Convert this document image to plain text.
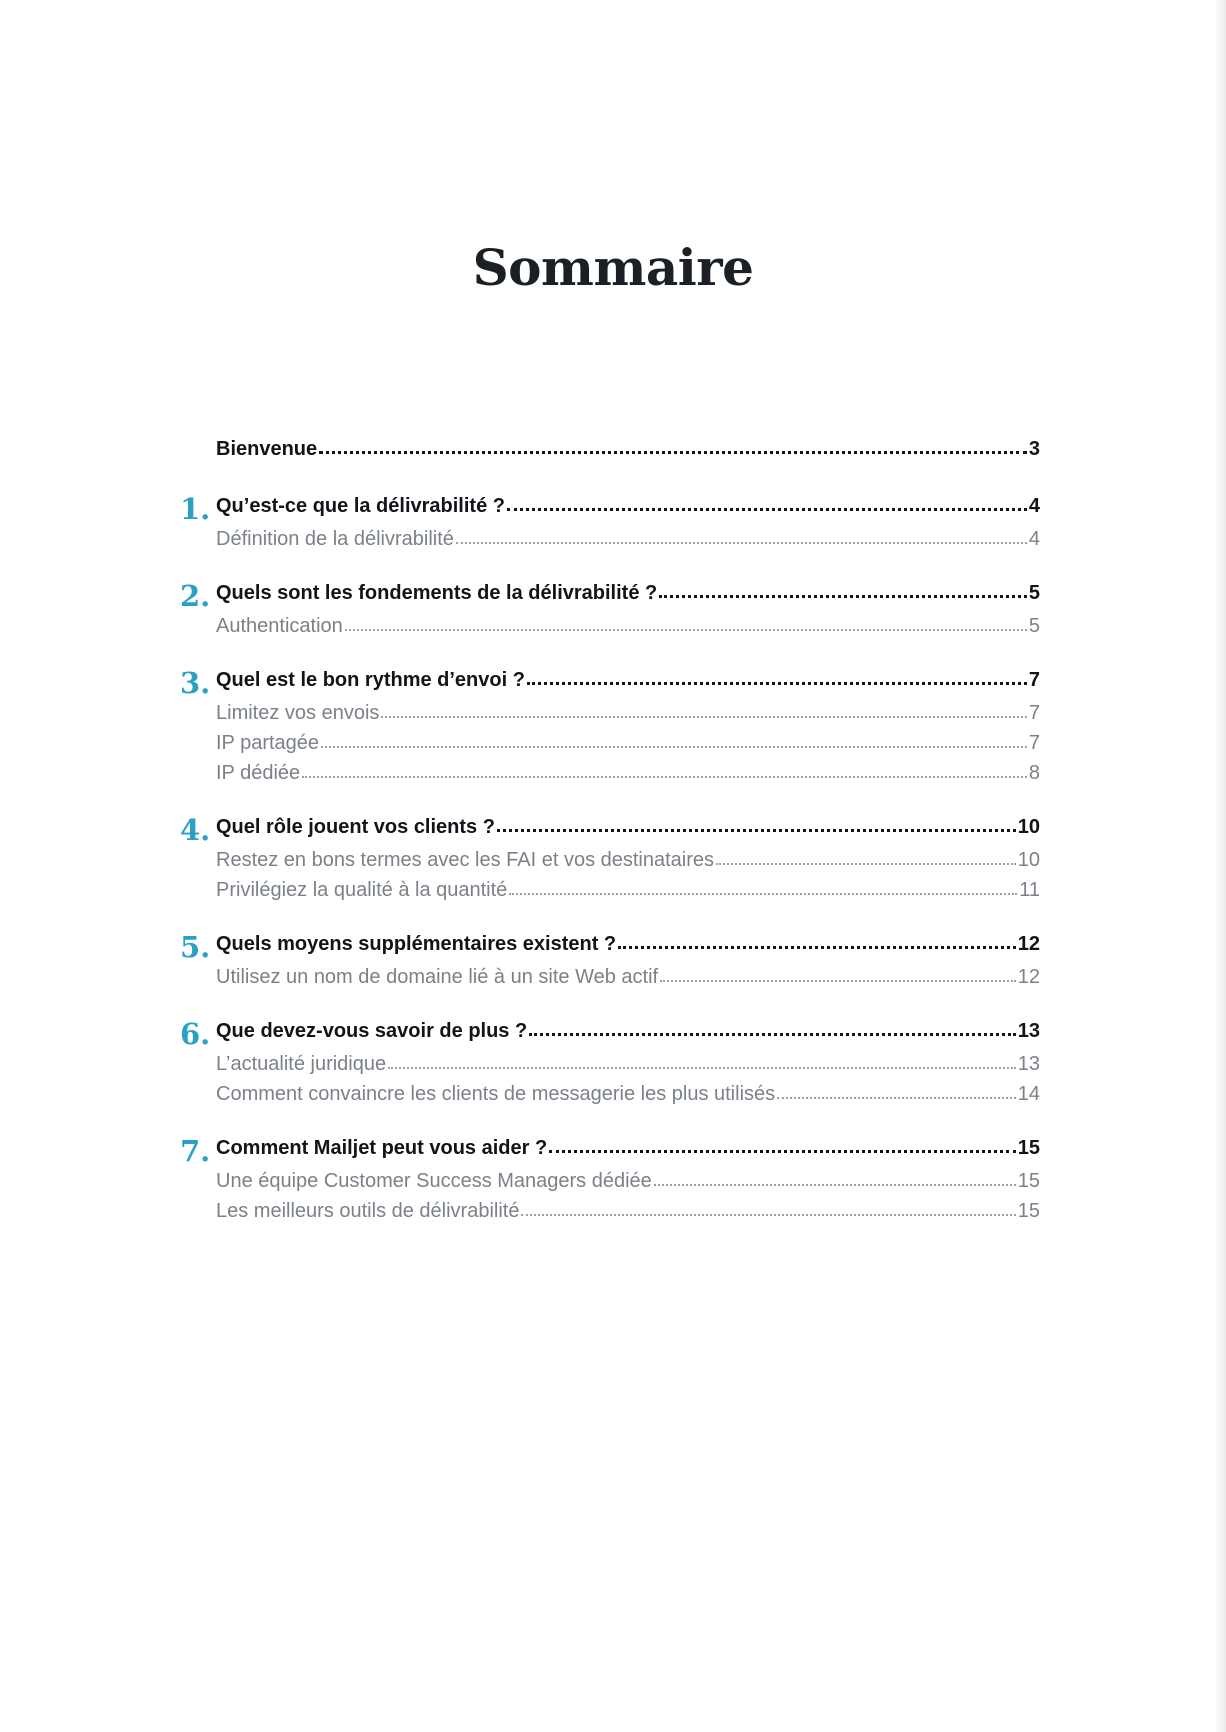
Sommaire
Bienvenue	3
1. Qu’est-ce que la délivrabilité ?	4
Définition de la délivrabilité	4
2. Quels sont les fondements de la délivrabilité ?	5
Authentication	5
3. Quel est le bon rythme d’envoi ?	7
Limitez vos envois	7
IP partagée	7
IP dédiée	8
4. Quel rôle jouent vos clients ?	10
Restez en bons termes avec les FAI et vos destinataires	10
Privilégiez la qualité à la quantité	11
5. Quels moyens supplémentaires existent ?	12
Utilisez un nom de domaine lié à un site Web actif	12
6. Que devez-vous savoir de plus ?	13
L’actualité juridique	13
Comment convaincre les clients de messagerie les plus utilisés	14
7. Comment Mailjet peut vous aider ?	15
Une équipe Customer Success Managers dédiée	15
Les meilleurs outils de délivrabilité	15
